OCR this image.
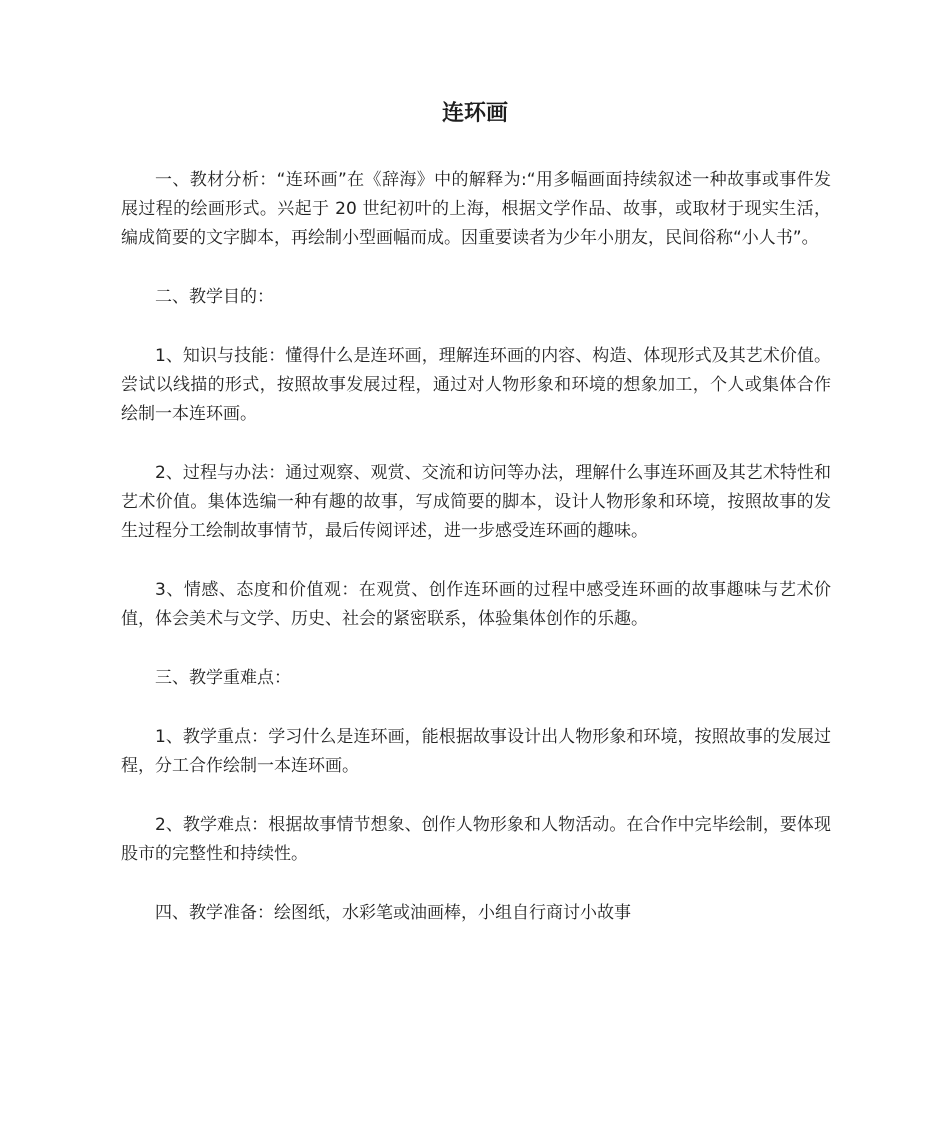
连环画

一、教材分析：“连环画”在《辞海》中的解释为:“用多幅画面持续叙述一种故事或事件发展过程的绘画形式。兴起于 20 世纪初叶的上海，根据文学作品、故事，或取材于现实生活，编成简要的文字脚本，再绘制小型画幅而成。因重要读者为少年小朋友，民间俗称“小人书”。

二、教学目的：

1、知识与技能：懂得什么是连环画，理解连环画的内容、构造、体现形式及其艺术价值。尝试以线描的形式，按照故事发展过程，通过对人物形象和环境的想象加工，个人或集体合作绘制一本连环画。

2、过程与办法：通过观察、观赏、交流和访问等办法，理解什么事连环画及其艺术特性和艺术价值。集体选编一种有趣的故事，写成简要的脚本，设计人物形象和环境，按照故事的发生过程分工绘制故事情节，最后传阅评述，进一步感受连环画的趣味。

3、情感、态度和价值观：在观赏、创作连环画的过程中感受连环画的故事趣味与艺术价值，体会美术与文学、历史、社会的紧密联系，体验集体创作的乐趣。

三、教学重难点：

1、教学重点：学习什么是连环画，能根据故事设计出人物形象和环境，按照故事的发展过程，分工合作绘制一本连环画。

2、教学难点：根据故事情节想象、创作人物形象和人物活动。在合作中完毕绘制，要体现股市的完整性和持续性。

四、教学准备：绘图纸，水彩笔或油画棒，小组自行商讨小故事
